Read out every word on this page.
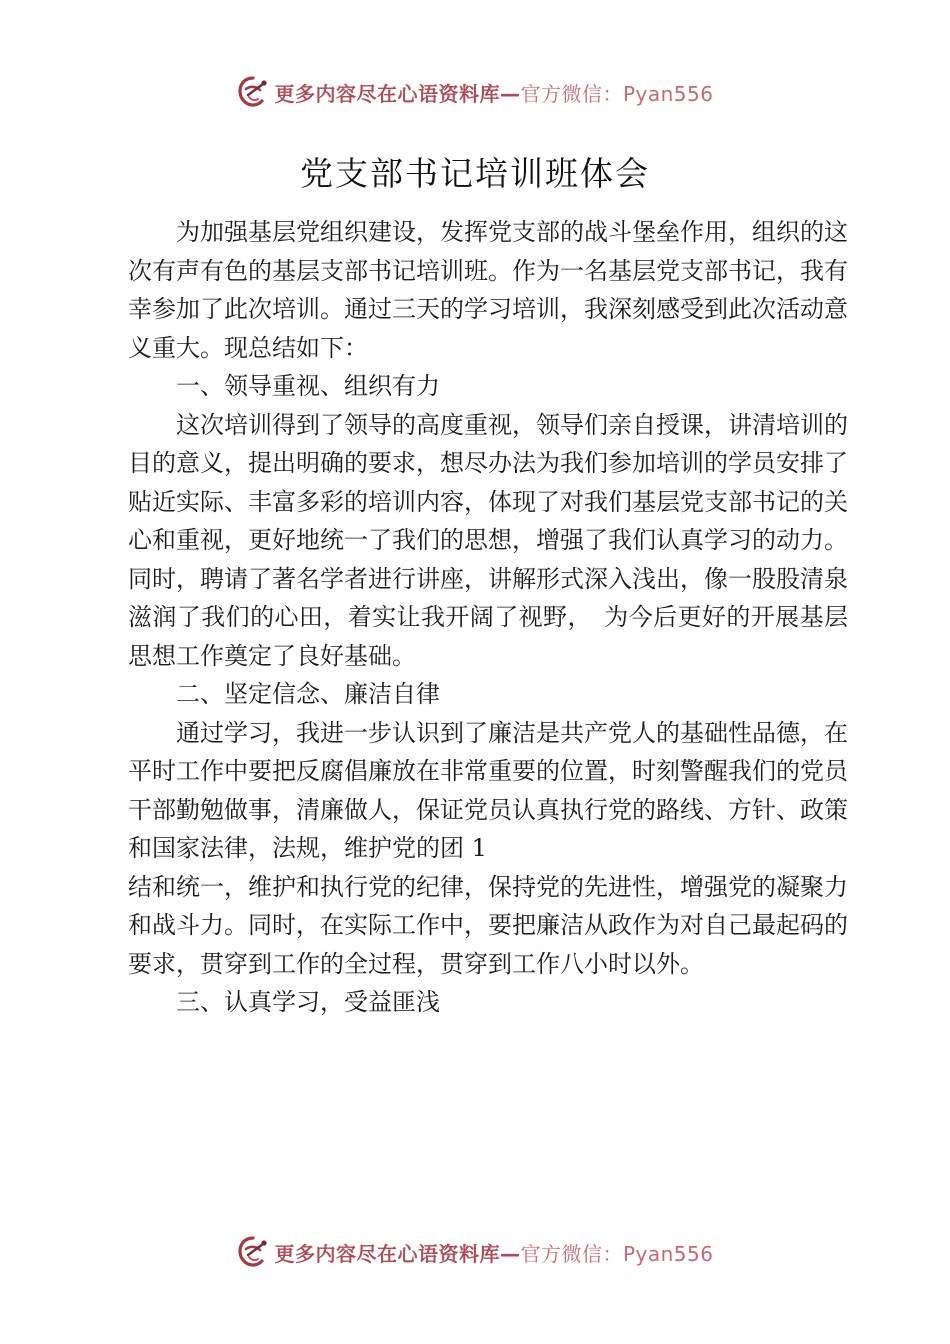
更多内容尽在心语资料库—官方微信：Pyan556
党支部书记培训班体会

为加强基层党组织建设，发挥党支部的战斗堡垒作用，组织的这次有声有色的基层支部书记培训班。作为一名基层党支部书记，我有幸参加了此次培训。通过三天的学习培训，我深刻感受到此次活动意义重大。现总结如下：

一、领导重视、组织有力

这次培训得到了领导的高度重视，领导们亲自授课，讲清培训的目的意义，提出明确的要求，想尽办法为我们参加培训的学员安排了贴近实际、丰富多彩的培训内容，体现了对我们基层党支部书记的关心和重视，更好地统一了我们的思想，增强了我们认真学习的动力。同时，聘请了著名学者进行讲座，讲解形式深入浅出，像一股股清泉滋润了我们的心田，着实让我开阔了视野，　为今后更好的开展基层思想工作奠定了良好基础。

二、坚定信念、廉洁自律

通过学习，我进一步认识到了廉洁是共产党人的基础性品德，在平时工作中要把反腐倡廉放在非常重要的位置，时刻警醒我们的党员干部勤勉做事，清廉做人，保证党员认真执行党的路线、方针、政策和国家法律，法规，维护党的团 1

结和统一，维护和执行党的纪律，保持党的先进性，增强党的凝聚力和战斗力。同时，在实际工作中，要把廉洁从政作为对自己最起码的要求，贯穿到工作的全过程，贯穿到工作八小时以外。

三、认真学习，受益匪浅

更多内容尽在心语资料库—官方微信：Pyan556
